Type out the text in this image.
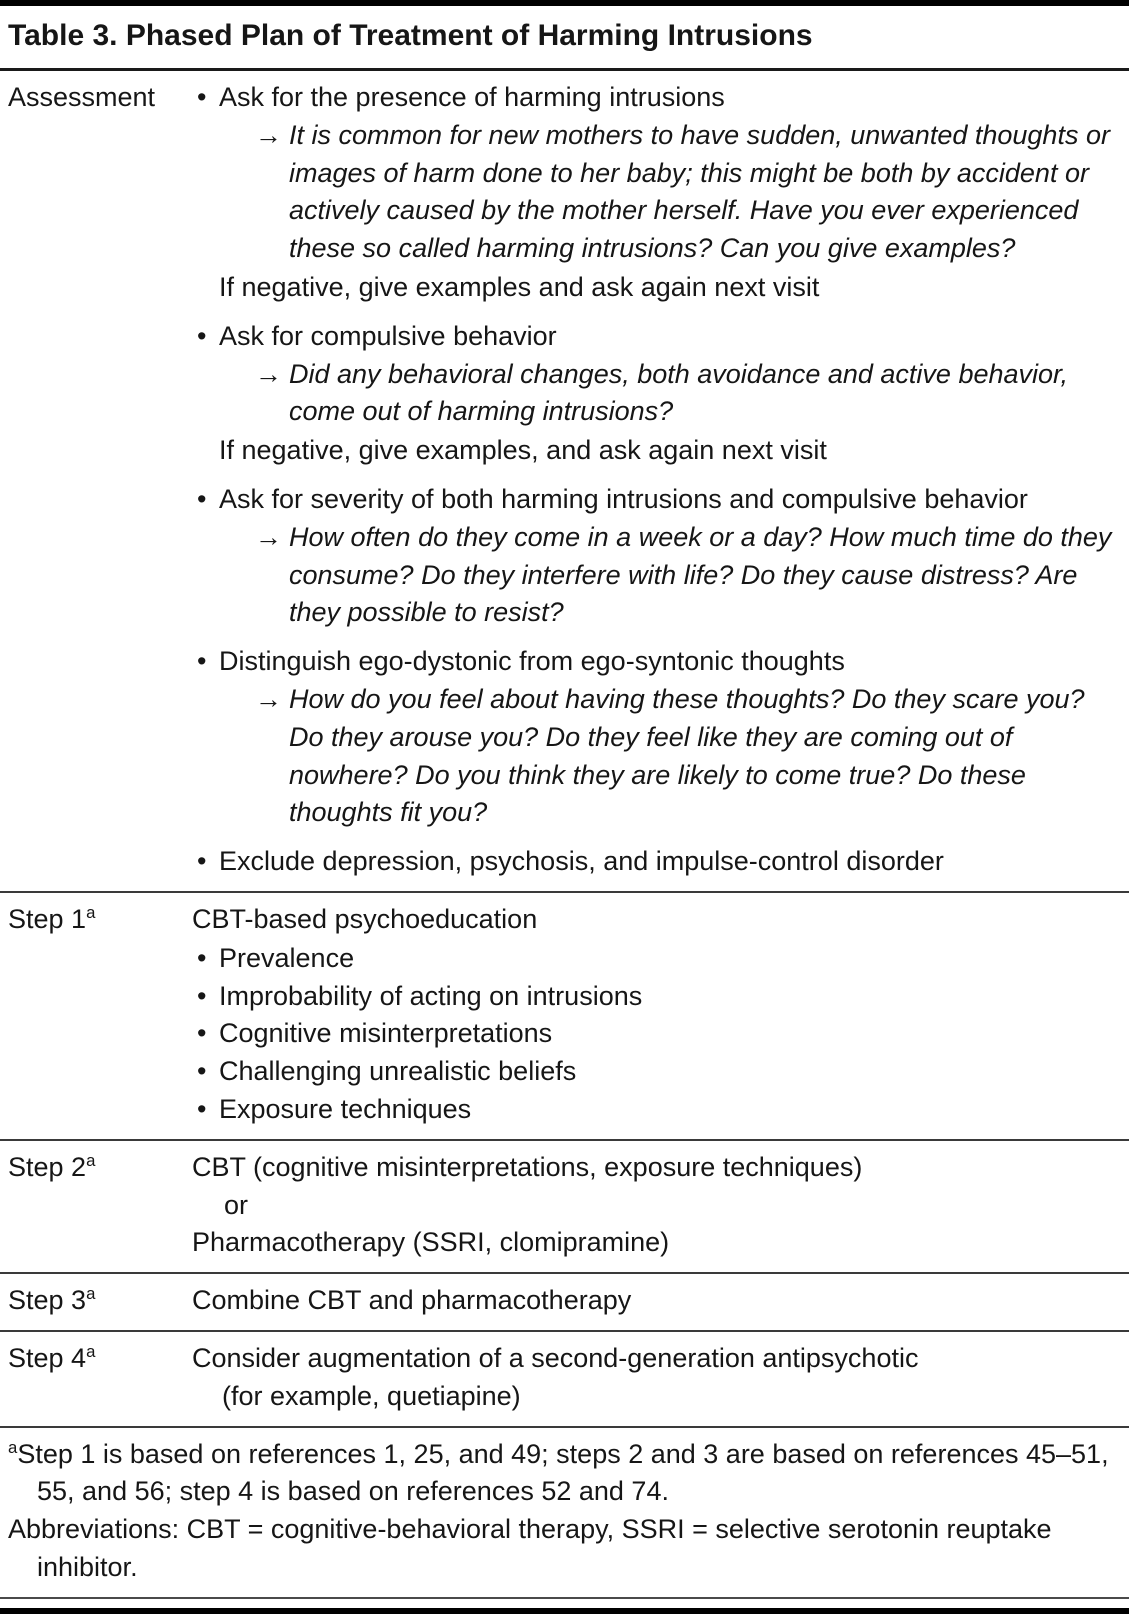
Table 3. Phased Plan of Treatment of Harming Intrusions
Assessment	• Ask for the presence of harming intrusions
→ It is common for new mothers to have sudden, unwanted thoughts or images of harm done to her baby; this might be both by accident or actively caused by the mother herself. Have you ever experienced these so called harming intrusions? Can you give examples?
If negative, give examples and ask again next visit
• Ask for compulsive behavior
→ Did any behavioral changes, both avoidance and active behavior, come out of harming intrusions?
If negative, give examples, and ask again next visit
• Ask for severity of both harming intrusions and compulsive behavior
→ How often do they come in a week or a day? How much time do they consume? Do they interfere with life? Do they cause distress? Are they possible to resist?
• Distinguish ego-dystonic from ego-syntonic thoughts
→ How do you feel about having these thoughts? Do they scare you? Do they arouse you? Do they feel like they are coming out of nowhere? Do you think they are likely to come true? Do these thoughts fit you?
• Exclude depression, psychosis, and impulse-control disorder
Step 1$^a$	CBT-based psychoeducation
• Prevalence
• Improbability of acting on intrusions
• Cognitive misinterpretations
• Challenging unrealistic beliefs
• Exposure techniques
Step 2$^a$	CBT (cognitive misinterpretations, exposure techniques)
or
Pharmacotherapy (SSRI, clomipramine)
Step 3$^a$	Combine CBT and pharmacotherapy
Step 4$^a$	Consider augmentation of a second-generation antipsychotic
(for example, quetiapine)
$^a$Step 1 is based on references 1, 25, and 49; steps 2 and 3 are based on references 45–51, 55, and 56; step 4 is based on references 52 and 74.
Abbreviations: CBT = cognitive-behavioral therapy, SSRI = selective serotonin reuptake inhibitor.
